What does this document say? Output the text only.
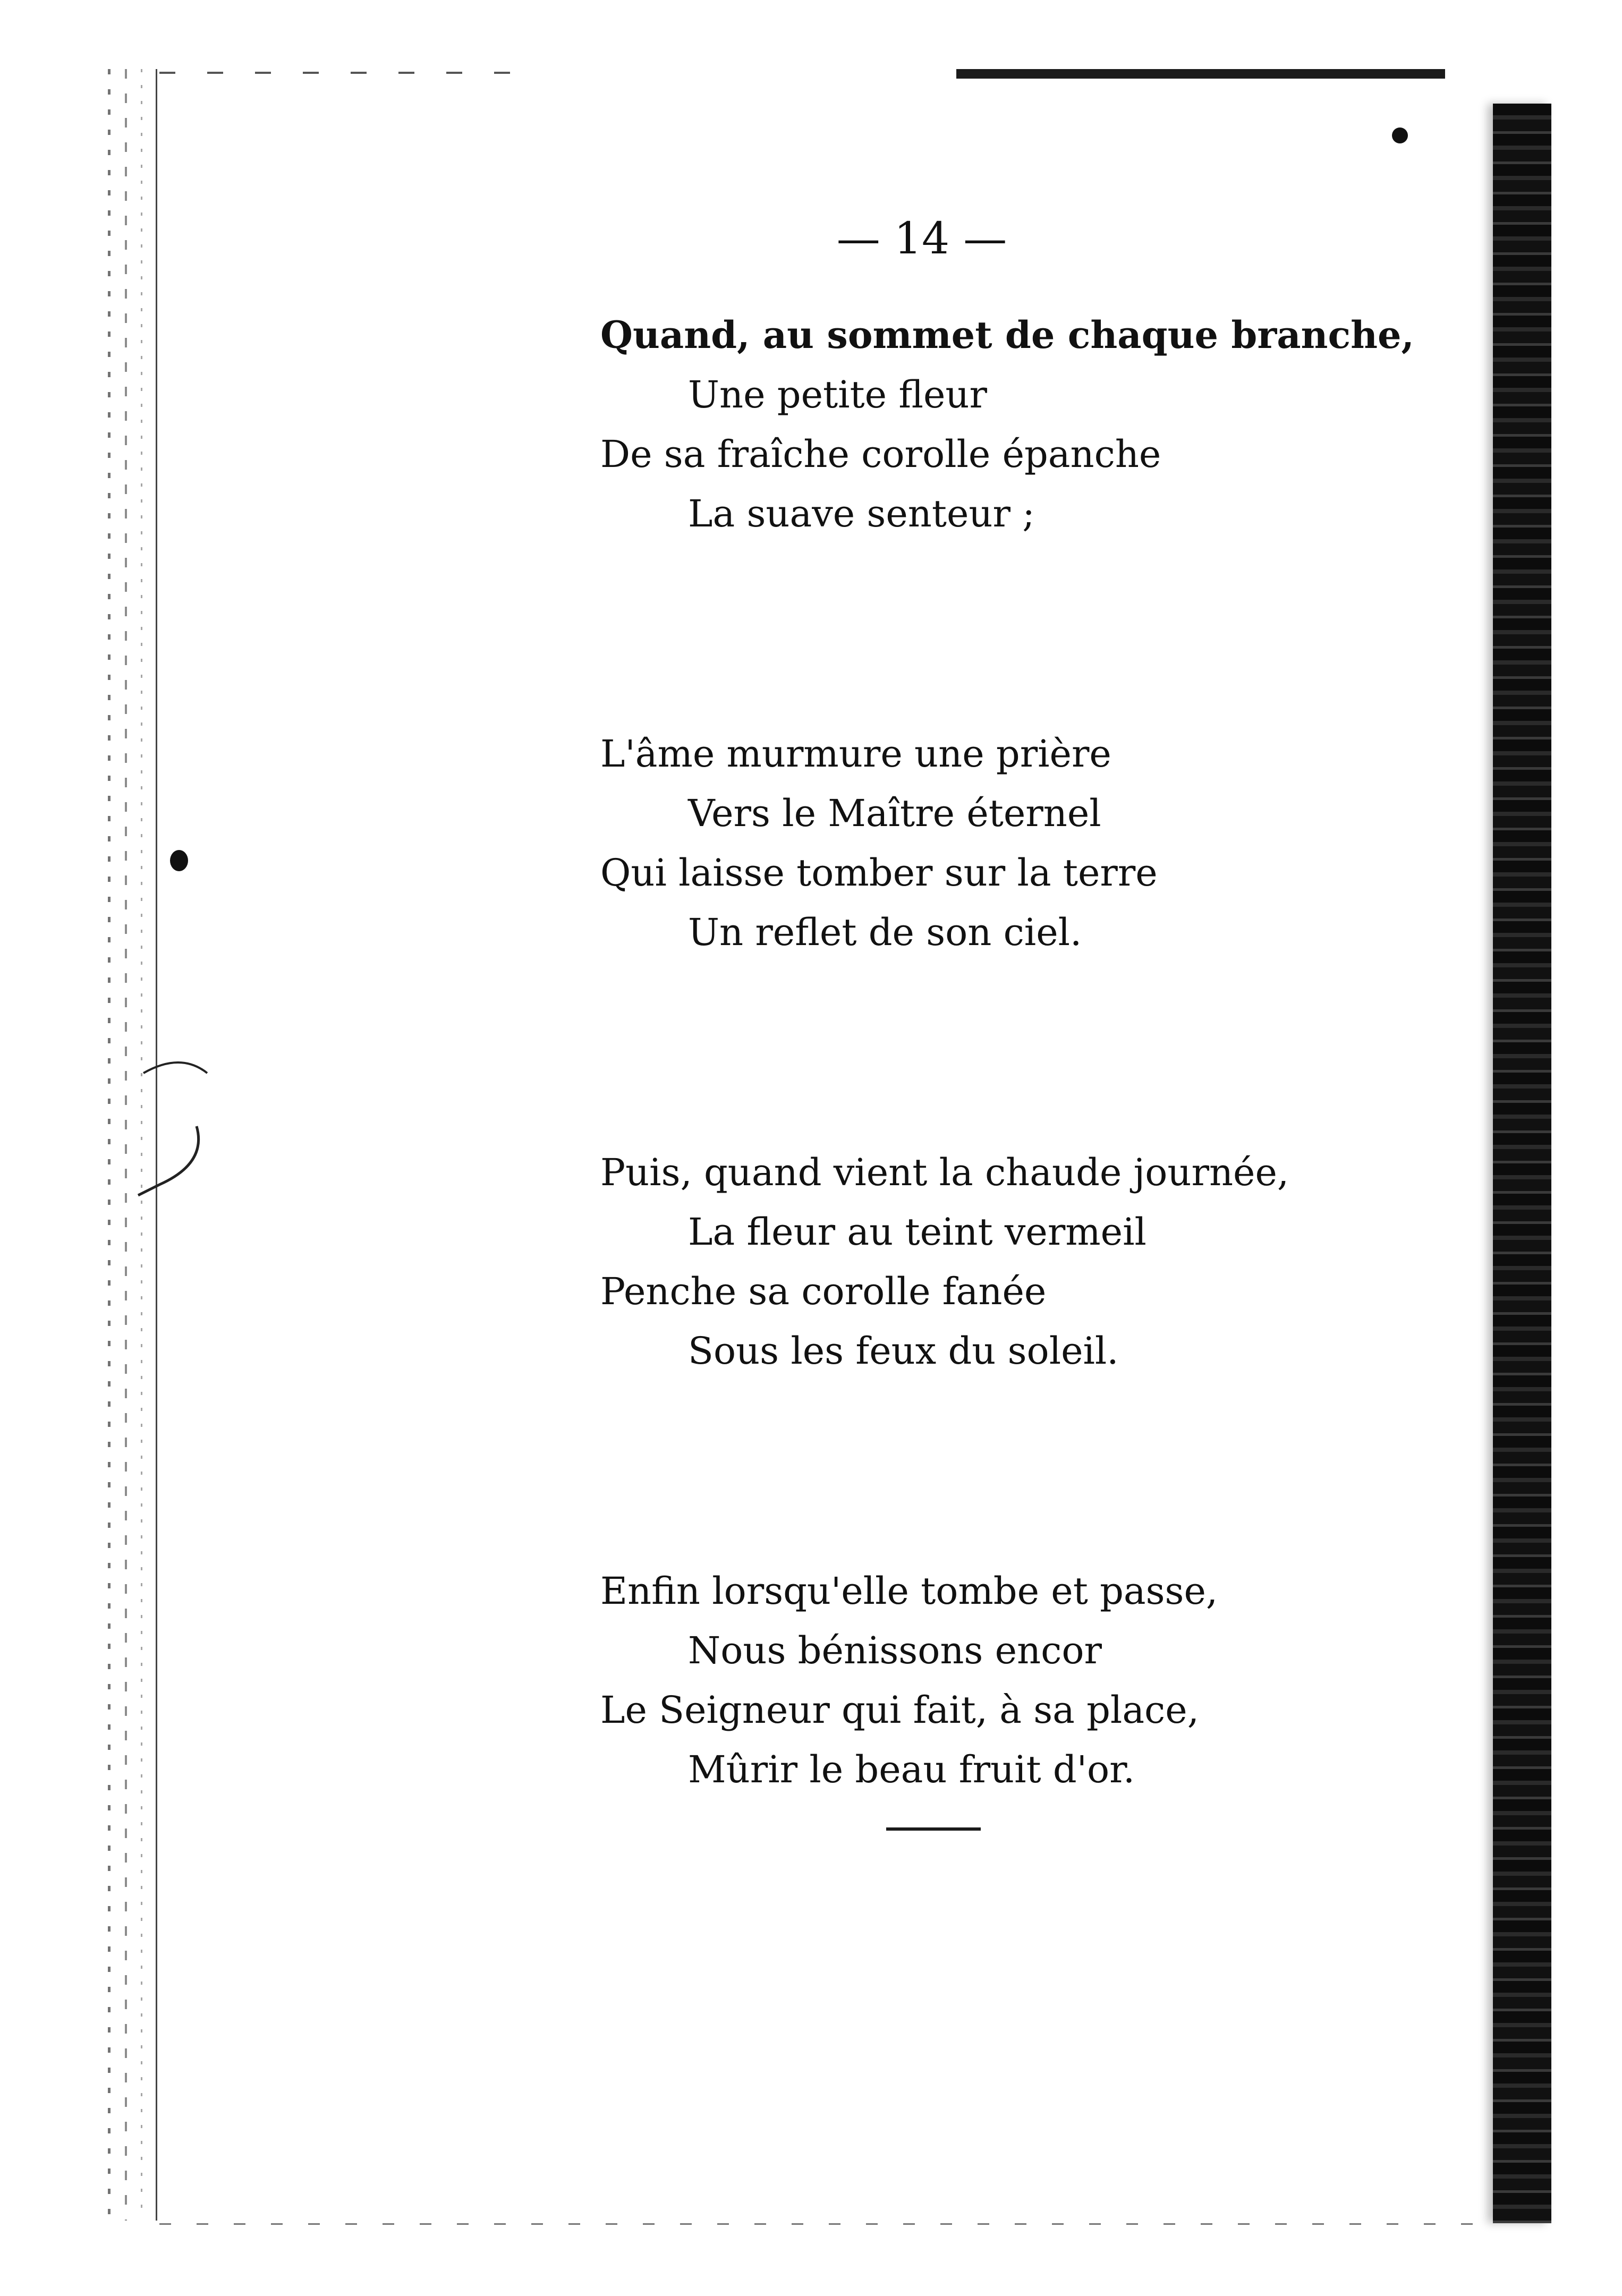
— 14 —
Quand, au sommet de chaque branche,
Une petite fleur
De sa fraîche corolle épanche
La suave senteur ;
L'âme murmure une prière
Vers le Maître éternel
Qui laisse tomber sur la terre
Un reflet de son ciel.
Puis, quand vient la chaude journée,
La fleur au teint vermeil
Penche sa corolle fanée
Sous les feux du soleil.
Enfin lorsqu'elle tombe et passe,
Nous bénissons encor
Le Seigneur qui fait, à sa place,
Mûrir le beau fruit d'or.
